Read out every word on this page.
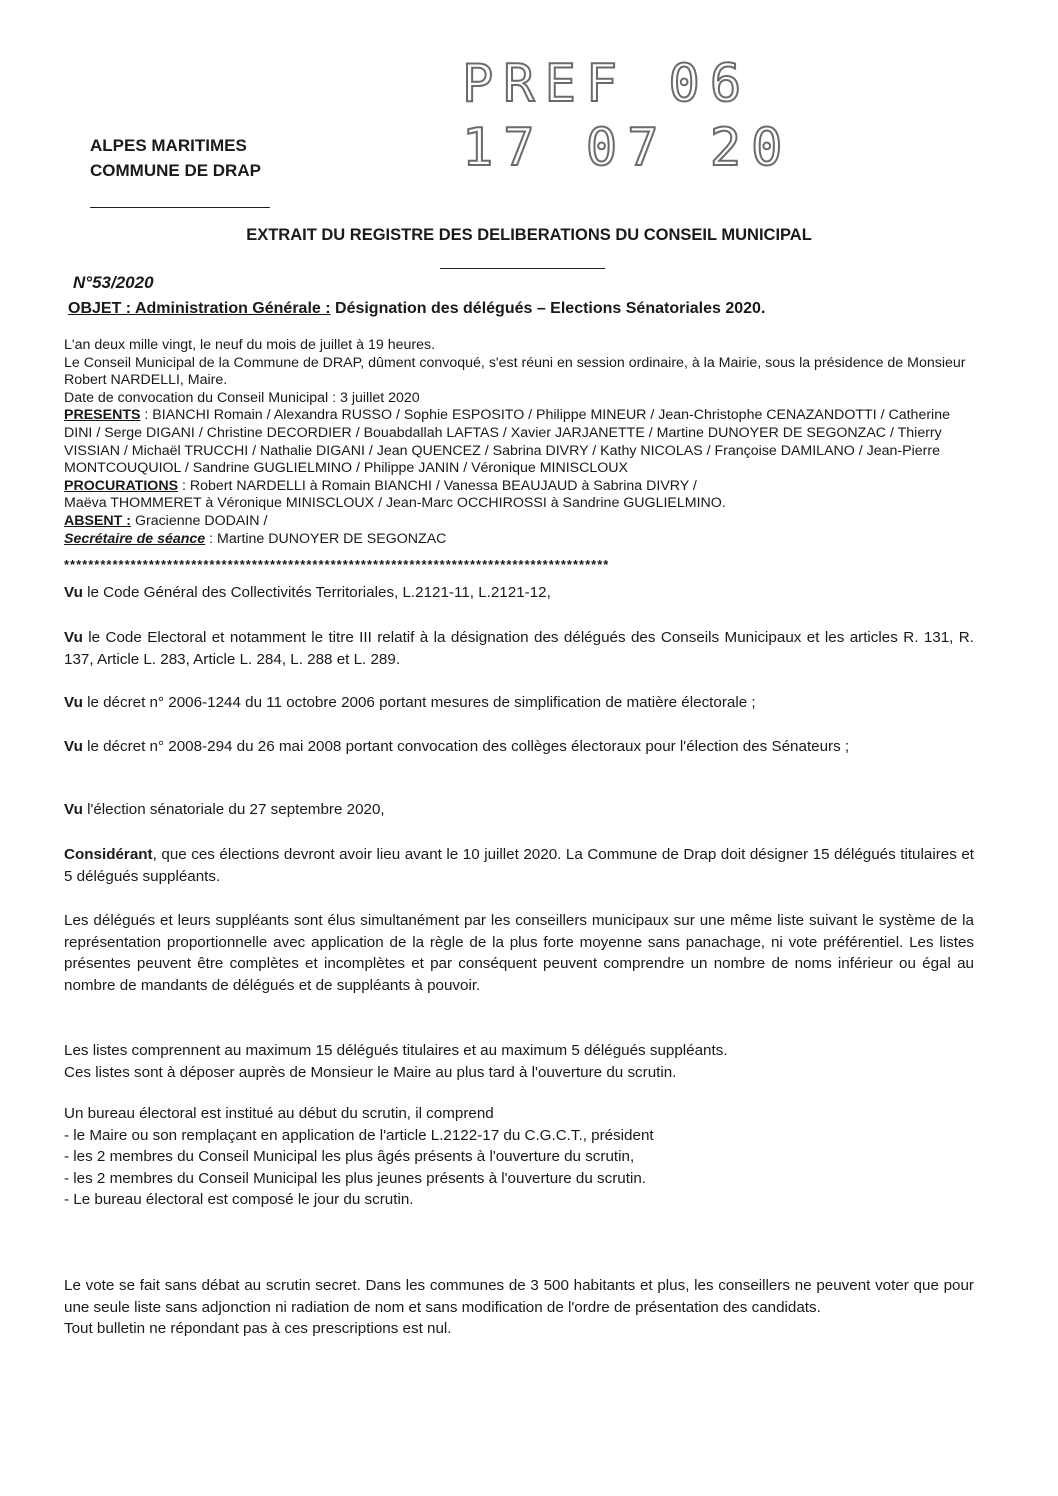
PREF 06
17 07 20
ALPES MARITIMES
COMMUNE DE DRAP
EXTRAIT DU REGISTRE DES DELIBERATIONS DU CONSEIL MUNICIPAL
N°53/2020
OBJET : Administration Générale : Désignation des délégués – Elections Sénatoriales 2020.

L'an deux mille vingt, le neuf du mois de juillet à 19 heures.

Le Conseil Municipal de la Commune de DRAP, dûment convoqué, s'est réuni en session ordinaire, à la Mairie, sous la présidence de Monsieur Robert NARDELLI, Maire.

Date de convocation du Conseil Municipal : 3 juillet 2020

PRESENTS : BIANCHI Romain / Alexandra RUSSO / Sophie ESPOSITO / Philippe MINEUR / Jean-Christophe CENAZANDOTTI / Catherine DINI / Serge DIGANI / Christine DECORDIER / Bouabdallah LAFTAS / Xavier JARJANETTE / Martine DUNOYER DE SEGONZAC / Thierry VISSIAN / Michaël TRUCCHI / Nathalie DIGANI / Jean QUENCEZ / Sabrina DIVRY / Kathy NICOLAS / Françoise DAMILANO / Jean-Pierre MONTCOUQUIOL / Sandrine GUGLIELMINO / Philippe JANIN / Véronique MINISCLOUX

PROCURATIONS : Robert NARDELLI à Romain BIANCHI / Vanessa BEAUJAUD à Sabrina DIVRY /

Maëva THOMMERET à Véronique MINISCLOUX / Jean-Marc OCCHIROSSI à Sandrine GUGLIELMINO.

ABSENT : Gracienne DODAIN /

Secrétaire de séance : Martine DUNOYER DE SEGONZAC

******************************************************************************************

Vu le Code Général des Collectivités Territoriales, L.2121-11, L.2121-12,

Vu le Code Electoral et notamment le titre III relatif à la désignation des délégués des Conseils Municipaux et les articles R. 131, R. 137, Article L. 283, Article L. 284, L. 288 et L. 289.

Vu le décret n° 2006-1244 du 11 octobre 2006 portant mesures de simplification de matière électorale ;

Vu le décret n° 2008-294 du 26 mai 2008 portant convocation des collèges électoraux pour l'élection des Sénateurs ;

Vu l'élection sénatoriale du 27 septembre 2020,

Considérant, que ces élections devront avoir lieu avant le 10 juillet 2020. La Commune de Drap doit désigner 15 délégués titulaires et 5 délégués suppléants.

Les délégués et leurs suppléants sont élus simultanément par les conseillers municipaux sur une même liste suivant le système de la représentation proportionnelle avec application de la règle de la plus forte moyenne sans panachage, ni vote préférentiel. Les listes présentes peuvent être complètes et incomplètes et par conséquent peuvent comprendre un nombre de noms inférieur ou égal au nombre de mandants de délégués et de suppléants à pouvoir.

Les listes comprennent au maximum 15 délégués titulaires et au maximum 5 délégués suppléants.

Ces listes sont à déposer auprès de Monsieur le Maire au plus tard à l'ouverture du scrutin.

Un bureau électoral est institué au début du scrutin, il comprend

- le Maire ou son remplaçant en application de l'article L.2122-17 du C.G.C.T., président

- les 2 membres du Conseil Municipal les plus âgés présents à l'ouverture du scrutin,

- les 2 membres du Conseil Municipal les plus jeunes présents à l'ouverture du scrutin.

- Le bureau électoral est composé le jour du scrutin.

Le vote se fait sans débat au scrutin secret. Dans les communes de 3 500 habitants et plus, les conseillers ne peuvent voter que pour une seule liste sans adjonction ni radiation de nom et sans modification de l'ordre de présentation des candidats.

Tout bulletin ne répondant pas à ces prescriptions est nul.
